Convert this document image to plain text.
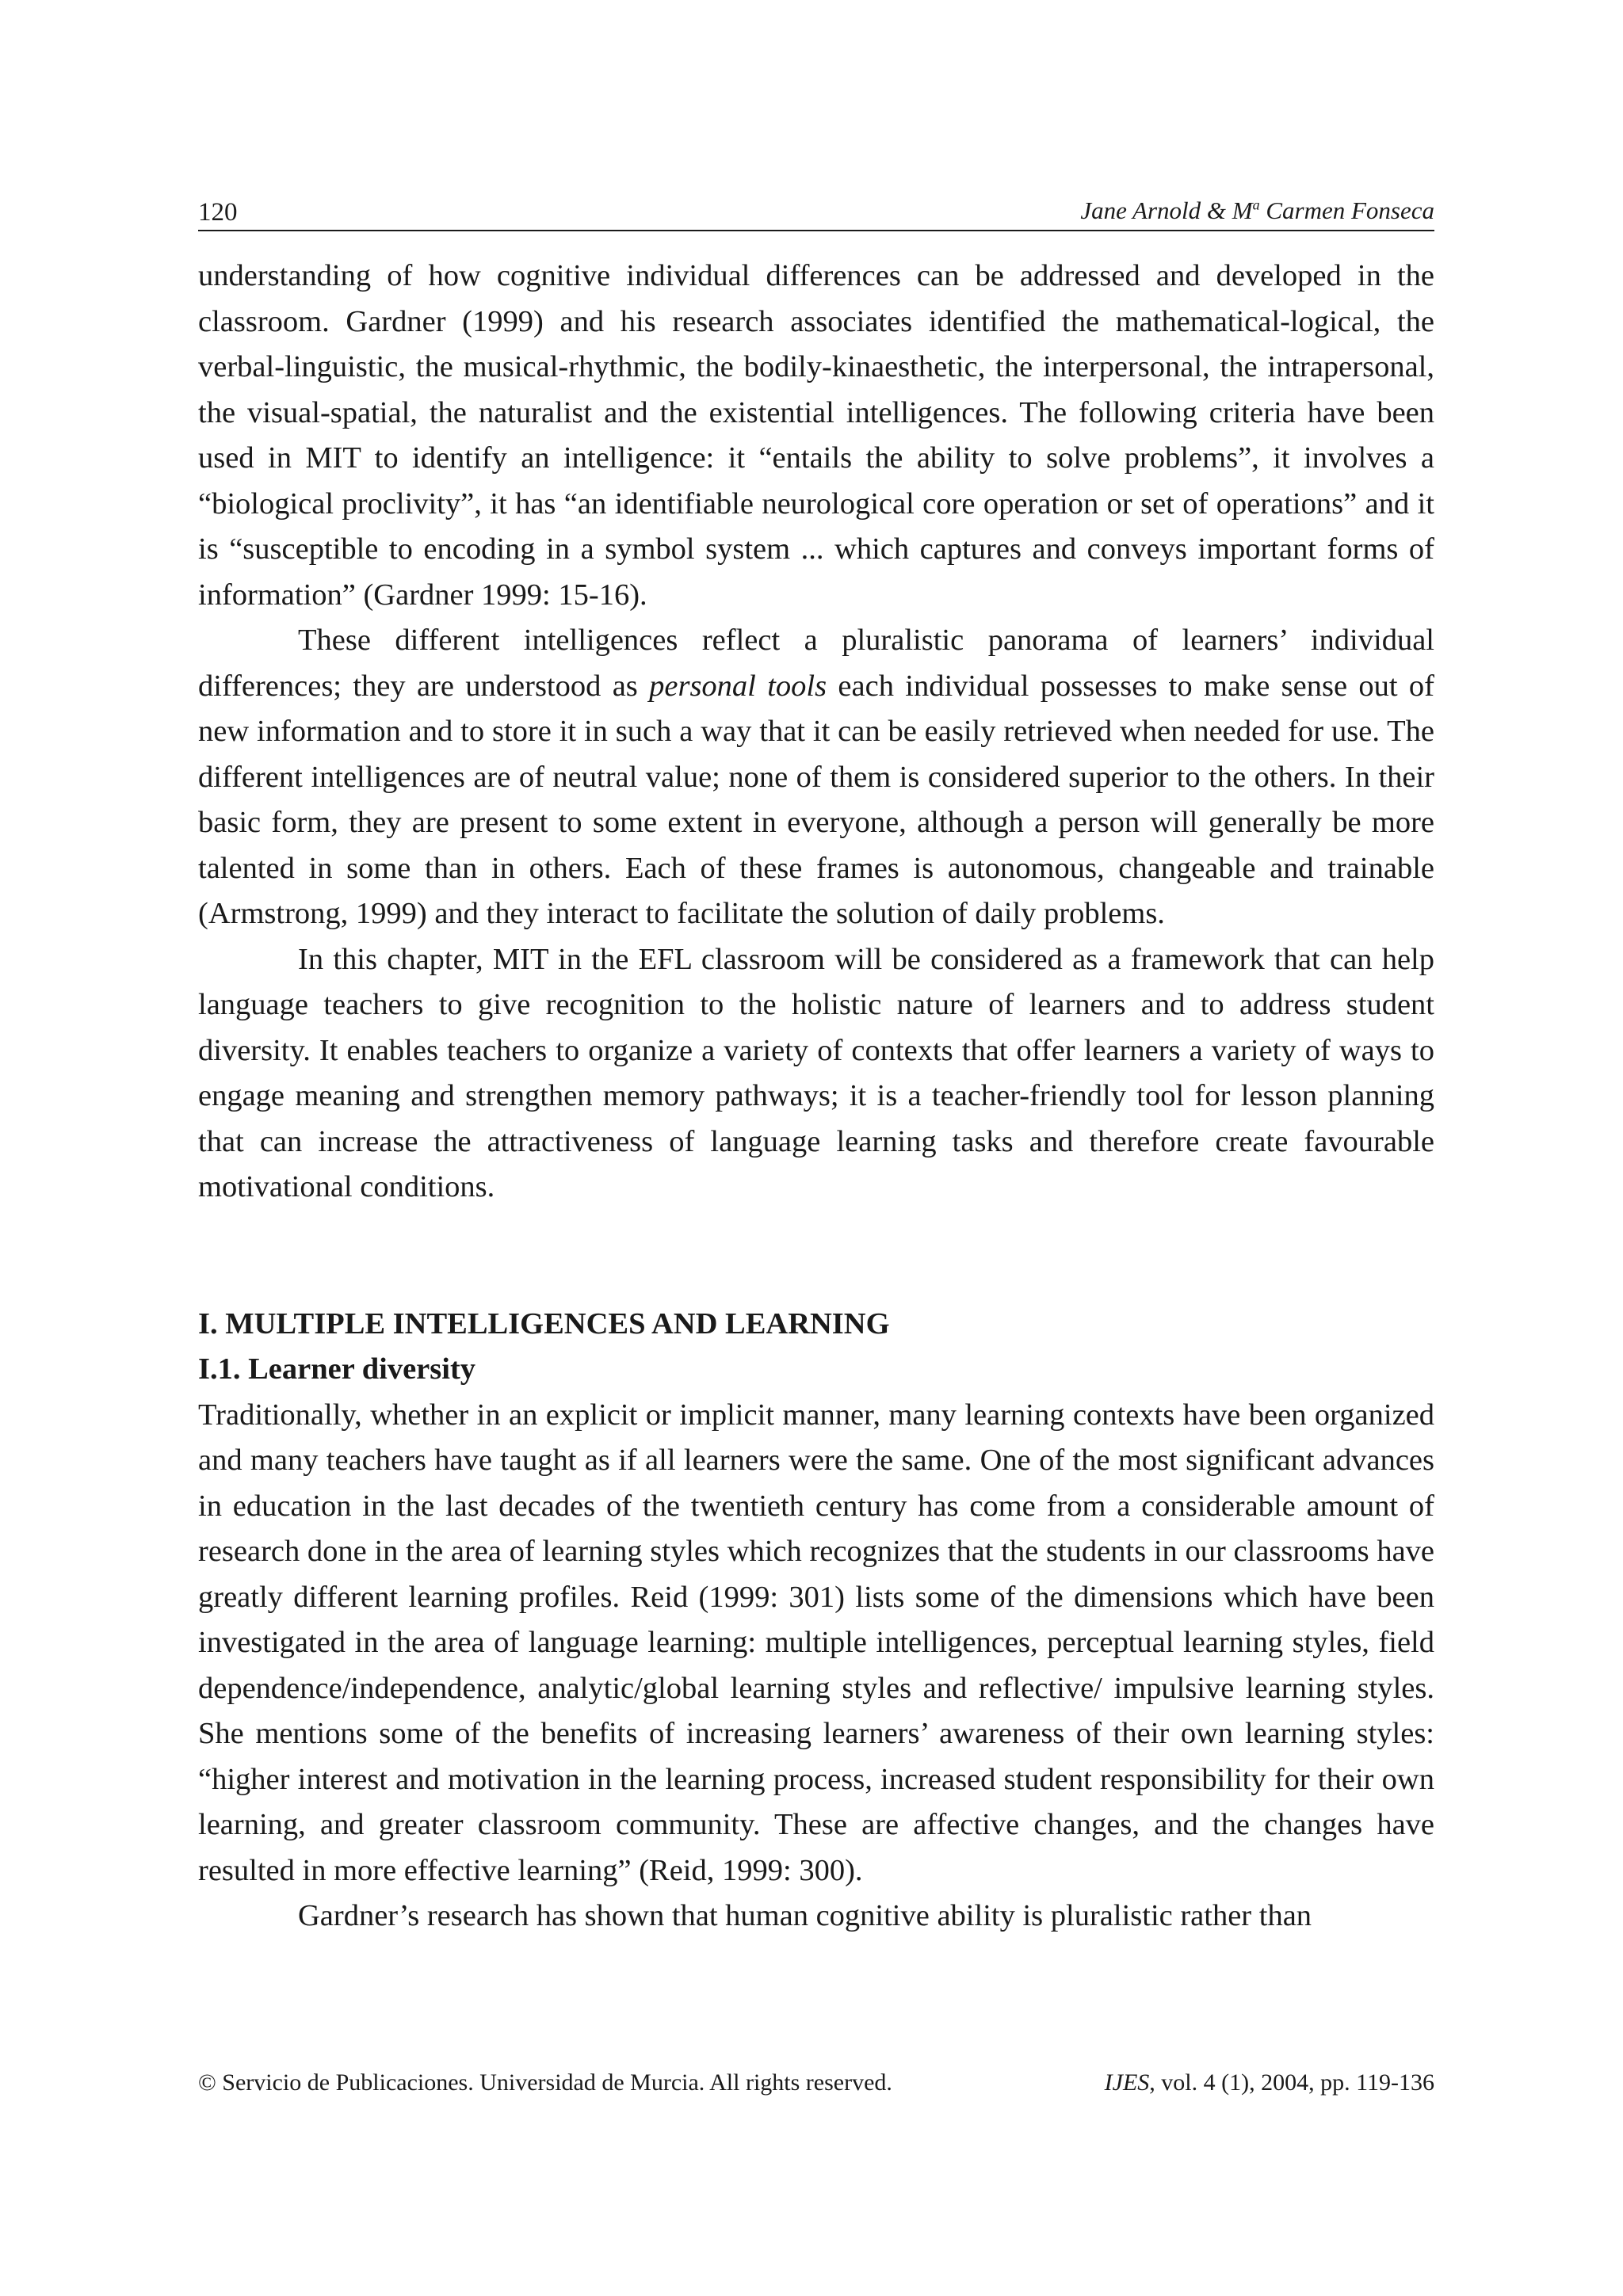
120	Jane Arnold & $M^a$ Carmen Fonseca

understanding of how cognitive individual differences can be addressed and developed in the classroom. Gardner (1999) and his research associates identified the mathematical-logical, the verbal-linguistic, the musical-rhythmic, the bodily-kinaesthetic, the interpersonal, the intrapersonal, the visual-spatial, the naturalist and the existential intelligences. The following criteria have been used in MIT to identify an intelligence: it “entails the ability to solve problems”, it involves a “biological proclivity”, it has “an identifiable neurological core operation or set of operations” and it is “susceptible to encoding in a symbol system ... which captures and conveys important forms of information” (Gardner 1999: 15-16).

These different intelligences reflect a pluralistic panorama of learners’ individual differences; they are understood as personal tools each individual possesses to make sense out of new information and to store it in such a way that it can be easily retrieved when needed for use. The different intelligences are of neutral value; none of them is considered superior to the others. In their basic form, they are present to some extent in everyone, although a person will generally be more talented in some than in others. Each of these frames is autonomous, changeable and trainable (Armstrong, 1999) and they interact to facilitate the solution of daily problems.

In this chapter, MIT in the EFL classroom will be considered as a framework that can help language teachers to give recognition to the holistic nature of learners and to address student diversity. It enables teachers to organize a variety of contexts that offer learners a variety of ways to engage meaning and strengthen memory pathways; it is a teacher-friendly tool for lesson planning that can increase the attractiveness of language learning tasks and therefore create favourable motivational conditions.

I. MULTIPLE INTELLIGENCES AND LEARNING
I.1. Learner diversity

Traditionally, whether in an explicit or implicit manner, many learning contexts have been organized and many teachers have taught as if all learners were the same. One of the most significant advances in education in the last decades of the twentieth century has come from a considerable amount of research done in the area of learning styles which recognizes that the students in our classrooms have greatly different learning profiles. Reid (1999: 301) lists some of the dimensions which have been investigated in the area of language learning: multiple intelligences, perceptual learning styles, field dependence/independence, analytic/global learning styles and reflective/ impulsive learning styles. She mentions some of the benefits of increasing learners’ awareness of their own learning styles: “higher interest and motivation in the learning process, increased student responsibility for their own learning, and greater classroom community. These are affective changes, and the changes have resulted in more effective learning” (Reid, 1999: 300).

Gardner’s research has shown that human cognitive ability is pluralistic rather than

© Servicio de Publicaciones. Universidad de Murcia. All rights reserved.	IJES, vol. 4 (1), 2004, pp. 119-136
